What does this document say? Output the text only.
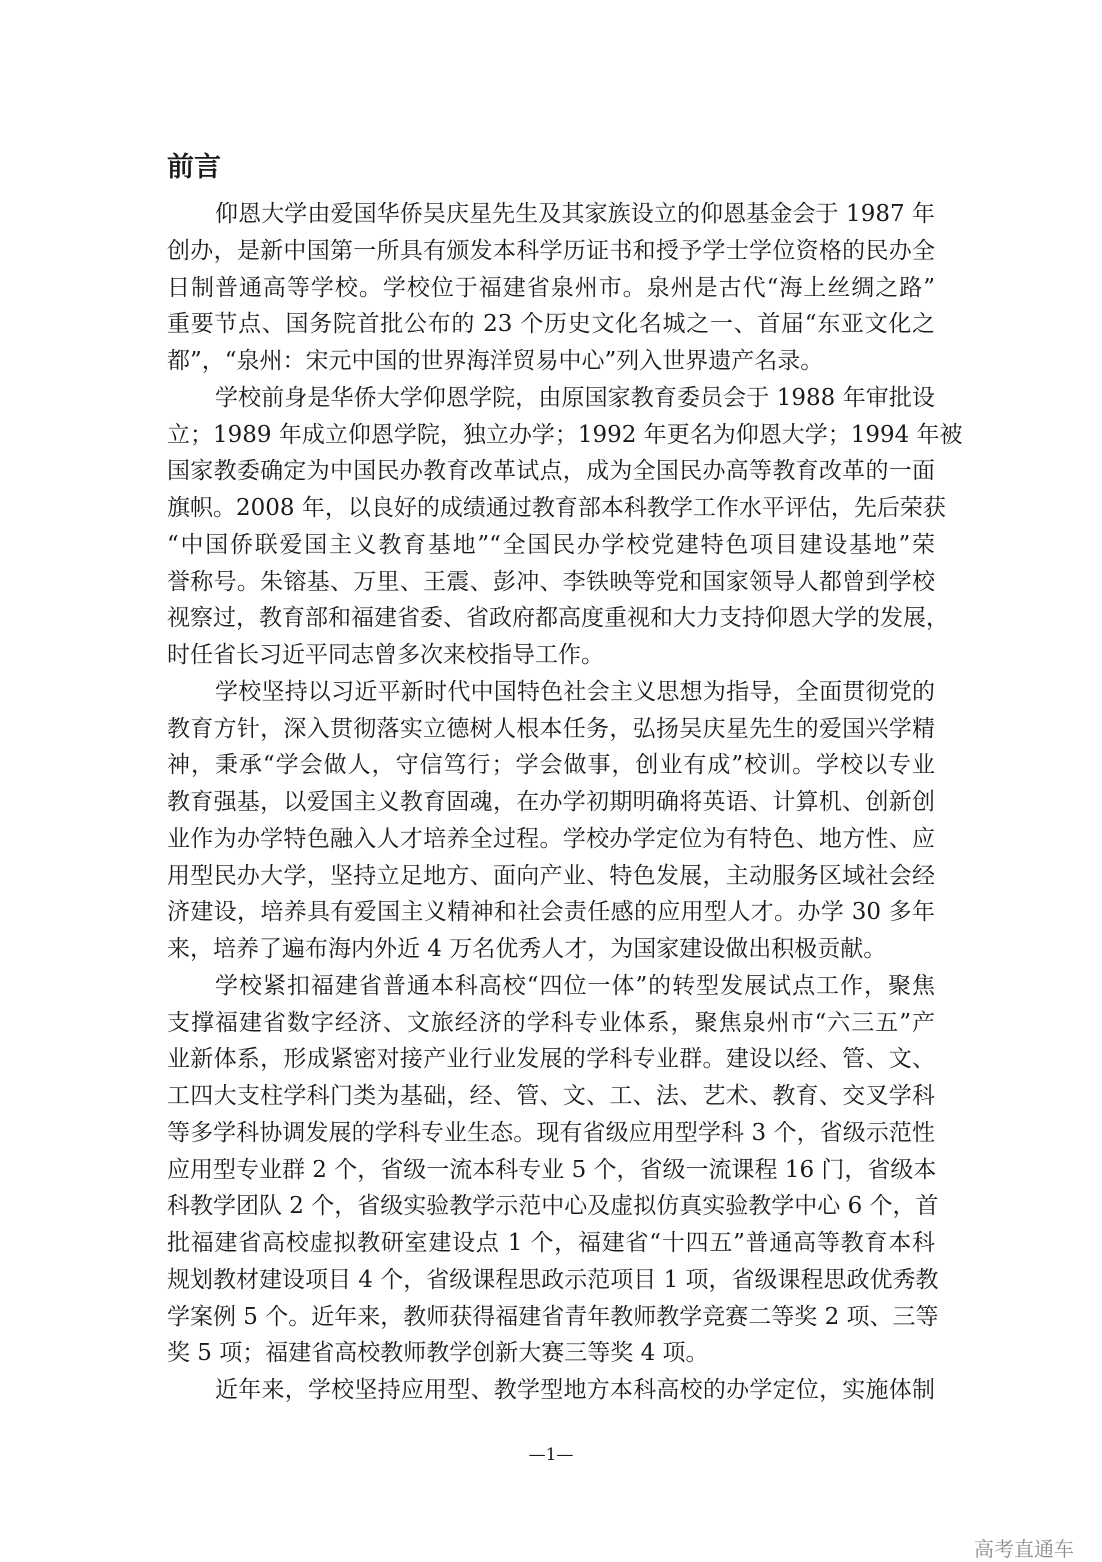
前言
仰恩大学由爱国华侨吴庆星先生及其家族设立的仰恩基金会于 1987 年
创办，是新中国第一所具有颁发本科学历证书和授予学士学位资格的民办全
日制普通高等学校。学校位于福建省泉州市。泉州是古代“海上丝绸之路”
重要节点、国务院首批公布的 23 个历史文化名城之一、首届“东亚文化之
都”，“泉州：宋元中国的世界海洋贸易中心”列入世界遗产名录。
学校前身是华侨大学仰恩学院，由原国家教育委员会于 1988 年审批设
立；1989 年成立仰恩学院，独立办学；1992 年更名为仰恩大学；1994 年被
国家教委确定为中国民办教育改革试点，成为全国民办高等教育改革的一面
旗帜。2008 年，以良好的成绩通过教育部本科教学工作水平评估，先后荣获
“中国侨联爱国主义教育基地”“全国民办学校党建特色项目建设基地”荣
誉称号。朱镕基、万里、王震、彭冲、李铁映等党和国家领导人都曾到学校
视察过，教育部和福建省委、省政府都高度重视和大力支持仰恩大学的发展，
时任省长习近平同志曾多次来校指导工作。
学校坚持以习近平新时代中国特色社会主义思想为指导，全面贯彻党的
教育方针，深入贯彻落实立德树人根本任务，弘扬吴庆星先生的爱国兴学精
神，秉承“学会做人，守信笃行；学会做事，创业有成”校训。学校以专业
教育强基，以爱国主义教育固魂，在办学初期明确将英语、计算机、创新创
业作为办学特色融入人才培养全过程。学校办学定位为有特色、地方性、应
用型民办大学，坚持立足地方、面向产业、特色发展，主动服务区域社会经
济建设，培养具有爱国主义精神和社会责任感的应用型人才。办学 30 多年
来，培养了遍布海内外近 4 万名优秀人才，为国家建设做出积极贡献。
学校紧扣福建省普通本科高校“四位一体”的转型发展试点工作，聚焦
支撑福建省数字经济、文旅经济的学科专业体系，聚焦泉州市“六三五”产
业新体系，形成紧密对接产业行业发展的学科专业群。建设以经、管、文、
工四大支柱学科门类为基础，经、管、文、工、法、艺术、教育、交叉学科
等多学科协调发展的学科专业生态。现有省级应用型学科 3 个，省级示范性
应用型专业群 2 个，省级一流本科专业 5 个，省级一流课程 16 门，省级本
科教学团队 2 个，省级实验教学示范中心及虚拟仿真实验教学中心 6 个，首
批福建省高校虚拟教研室建设点 1 个，福建省“十四五”普通高等教育本科
规划教材建设项目 4 个，省级课程思政示范项目 1 项，省级课程思政优秀教
学案例 5 个。近年来，教师获得福建省青年教师教学竞赛二等奖 2 项、三等
奖 5 项；福建省高校教师教学创新大赛三等奖 4 项。
近年来，学校坚持应用型、教学型地方本科高校的办学定位，实施体制
—1—
高考直通车
